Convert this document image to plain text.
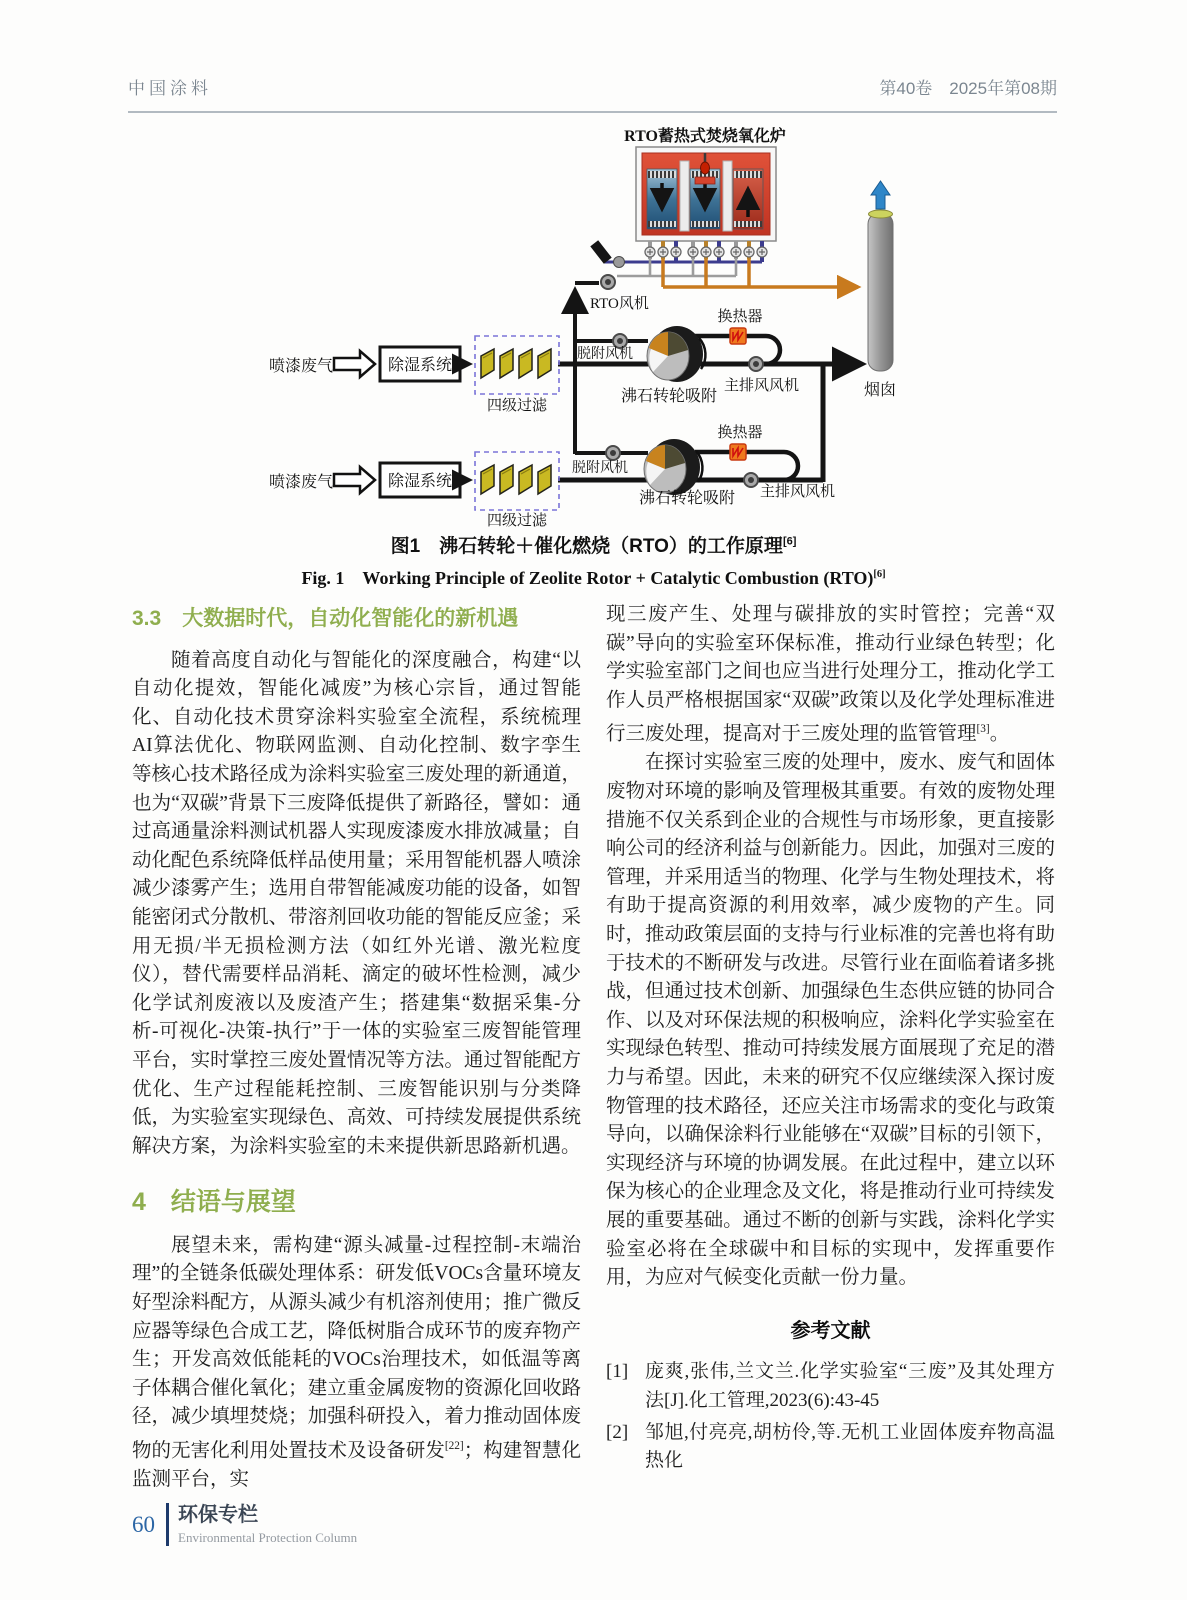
中国涂料	第40卷　2025年第08期
RTO蓄热式焚烧氧化炉
RTO风机
换热器
换热器
脱附风机
脱附风机
沸石转轮吸附
沸石转轮吸附
主排风风机
主排风风机
烟囱
喷漆废气
喷漆废气
除湿系统
除湿系统
四级过滤
四级过滤
图1　沸石转轮＋催化燃烧（RTO）的工作原理[6]
Fig. 1　Working Principle of Zeolite Rotor + Catalytic Combustion (RTO)[6]
3.3　大数据时代，自动化智能化的新机遇

随着高度自动化与智能化的深度融合，构建“以自动化提效，智能化减废”为核心宗旨，通过智能化、自动化技术贯穿涂料实验室全流程，系统梳理AI算法优化、物联网监测、自动化控制、数字孪生等核心技术路径成为涂料实验室三废处理的新通道，也为“双碳”背景下三废降低提供了新路径，譬如：通过高通量涂料测试机器人实现废漆废水排放减量；自动化配色系统降低样品使用量；采用智能机器人喷涂减少漆雾产生；选用自带智能减废功能的设备，如智能密闭式分散机、带溶剂回收功能的智能反应釜；采用无损/半无损检测方法（如红外光谱、激光粒度仪），替代需要样品消耗、滴定的破坏性检测，减少化学试剂废液以及废渣产生；搭建集“数据采集-分析-可视化-决策-执行”于一体的实验室三废智能管理平台，实时掌控三废处置情况等方法。通过智能配方优化、生产过程能耗控制、三废智能识别与分类降低，为实验室实现绿色、高效、可持续发展提供系统解决方案，为涂料实验室的未来提供新思路新机遇。

4　结语与展望

展望未来，需构建“源头减量-过程控制-末端治理”的全链条低碳处理体系：研发低VOCs含量环境友好型涂料配方，从源头减少有机溶剂使用；推广微反应器等绿色合成工艺，降低树脂合成环节的废弃物产生；开发高效低能耗的VOCs治理技术，如低温等离子体耦合催化氧化；建立重金属废物的资源化回收路径，减少填埋焚烧；加强科研投入，着力推动固体废物的无害化利用处置技术及设备研发[22]；构建智慧化监测平台，实

现三废产生、处理与碳排放的实时管控；完善“双碳”导向的实验室环保标准，推动行业绿色转型；化学实验室部门之间也应当进行处理分工，推动化学工作人员严格根据国家“双碳”政策以及化学处理标准进行三废处理，提高对于三废处理的监管管理[3]。

在探讨实验室三废的处理中，废水、废气和固体废物对环境的影响及管理极其重要。有效的废物处理措施不仅关系到企业的合规性与市场形象，更直接影响公司的经济利益与创新能力。因此，加强对三废的管理，并采用适当的物理、化学与生物处理技术，将有助于提高资源的利用效率，减少废物的产生。同时，推动政策层面的支持与行业标准的完善也将有助于技术的不断研发与改进。尽管行业在面临着诸多挑战，但通过技术创新、加强绿色生态供应链的协同合作、以及对环保法规的积极响应，涂料化学实验室在实现绿色转型、推动可持续发展方面展现了充足的潜力与希望。因此，未来的研究不仅应继续深入探讨废物管理的技术路径，还应关注市场需求的变化与政策导向，以确保涂料行业能够在“双碳”目标的引领下，实现经济与环境的协调发展。在此过程中，建立以环保为核心的企业理念及文化，将是推动行业可持续发展的重要基础。通过不断的创新与实践，涂料化学实验室必将在全球碳中和目标的实现中，发挥重要作用，为应对气候变化贡献一份力量。

参考文献
[1] 庞爽,张伟,兰文兰.化学实验室“三废”及其处理方法[J].化工管理,2023(6):43-45
[2] 邹旭,付亮亮,胡枋伶,等.无机工业固体废弃物高温热化
60 环保专栏
Environmental Protection Column
